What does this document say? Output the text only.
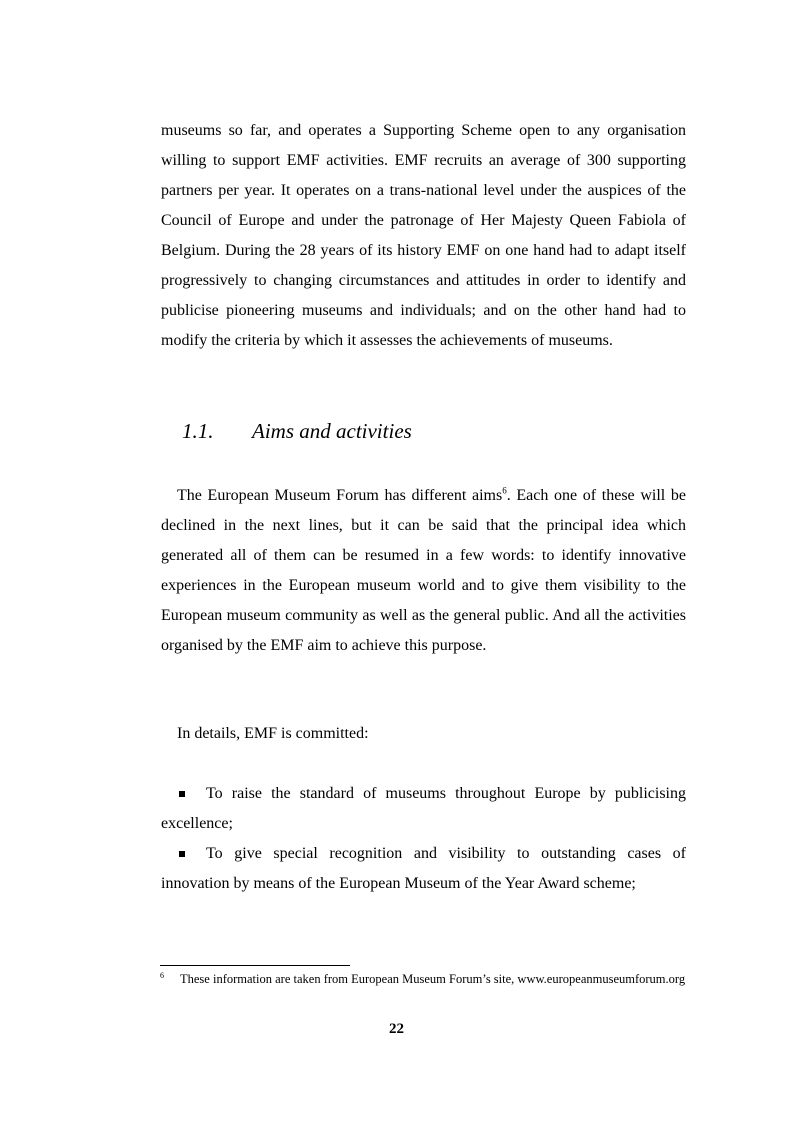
museums so far, and operates a Supporting Scheme open to any organisation willing to support EMF activities. EMF recruits an average of 300 supporting partners per year. It operates on a trans-national level under the auspices of the Council of Europe and under the patronage of Her Majesty Queen Fabiola of Belgium. During the 28 years of its history EMF on one hand had to adapt itself progressively to changing circumstances and attitudes in order to identify and publicise pioneering museums and individuals; and on the other hand had to modify the criteria by which it assesses the achievements of museums.

1.1. Aims and activities

The European Museum Forum has different aims$^6$. Each one of these will be declined in the next lines, but it can be said that the principal idea which generated all of them can be resumed in a few words: to identify innovative experiences in the European museum world and to give them visibility to the European museum community as well as the general public. And all the activities organised by the EMF aim to achieve this purpose.

In details, EMF is committed:

To raise the standard of museums throughout Europe by publicising excellence;
To give special recognition and visibility to outstanding cases of innovation by means of the European Museum of the Year Award scheme;

$^6$ These information are taken from European Museum Forum’s site, www.europeanmuseumforum.org

22
